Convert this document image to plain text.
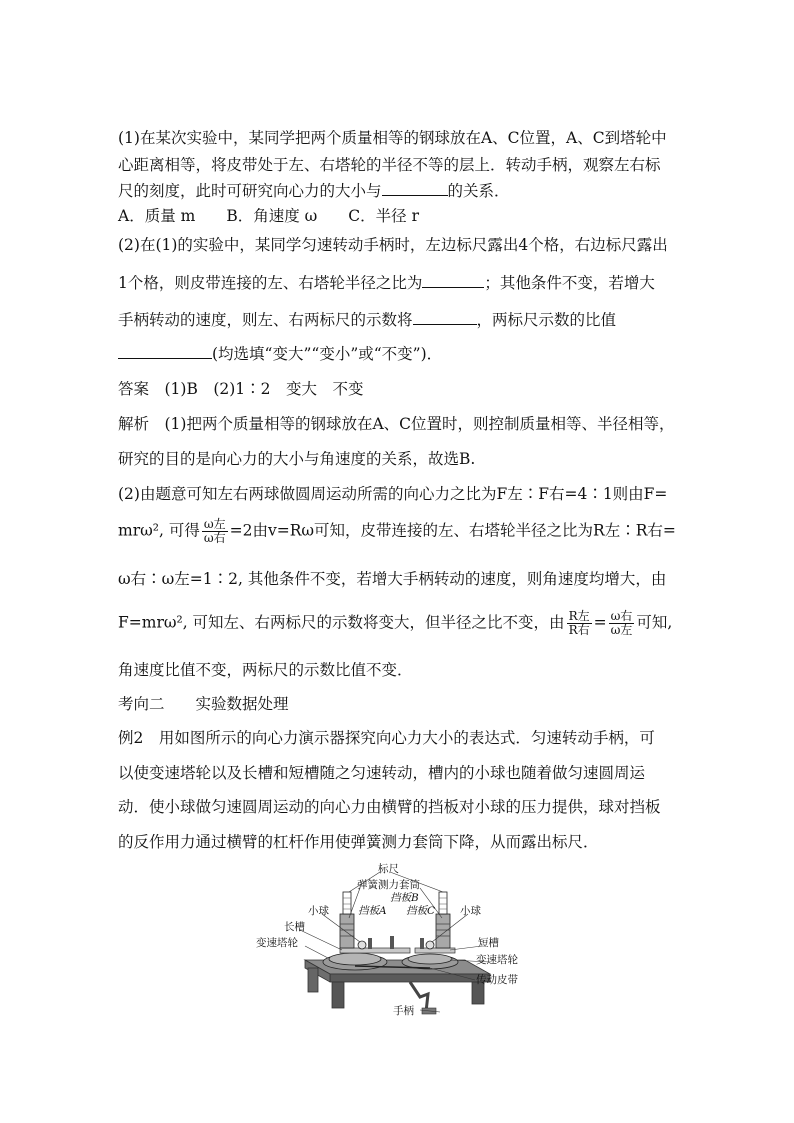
(1)在某次实验中，某同学把两个质量相等的钢球放在A、C位置，A、C到塔轮中
心距离相等，将皮带处于左、右塔轮的半径不等的层上．转动手柄，观察左右标
尺的刻度，此时可研究向心力的大小与	的关系．
A．质量 m　　B．角速度 ω　　C．半径 r
(2)在(1)的实验中，某同学匀速转动手柄时，左边标尺露出4个格，右边标尺露出
1个格，则皮带连接的左、右塔轮半径之比为	；其他条件不变，若增大
手柄转动的速度，则左、右两标尺的示数将	，两标尺示数的比值
(均选填“变大”“变小”或“不变”)．
答案　(1)B　(2)1∶2　变大　不变
解析　(1)把两个质量相等的钢球放在A、C位置时，则控制质量相等、半径相等，
研究的目的是向心力的大小与角速度的关系，故选B.
(2)由题意可知左右两球做圆周运动所需的向心力之比为F左∶F右=4∶1则由F=
mrω², 可得 $\frac{\text{ω左}}{\text{ω右}} =2$由v=Rω可知，皮带连接的左、右塔轮半径之比为R左∶R右=
ω右∶ω左=1∶2, 其他条件不变，若增大手柄转动的速度，则角速度均增大，由
F=mrω², 可知左、右两标尺的示数将变大，但半径之比不变，由 $\frac{\text{R左}}{\text{R右}} = \frac{\text{ω右}}{\text{ω左}}$ 可知,
角速度比值不变，两标尺的示数比值不变．
考向二　　实验数据处理
例2　用如图所示的向心力演示器探究向心力大小的表达式．匀速转动手柄，可
以使变速塔轮以及长槽和短槽随之匀速转动，槽内的小球也随着做匀速圆周运
动．使小球做匀速圆周运动的向心力由横臂的挡板对小球的压力提供，球对挡板
的反作用力通过横臂的杠杆作用使弹簧测力套筒下降，从而露出标尺．
标尺
弹簧测力套筒
挡板B
小球	挡板A 挡板C 小球
长槽
短槽
变速塔轮
变速塔轮
传动皮带
手柄
